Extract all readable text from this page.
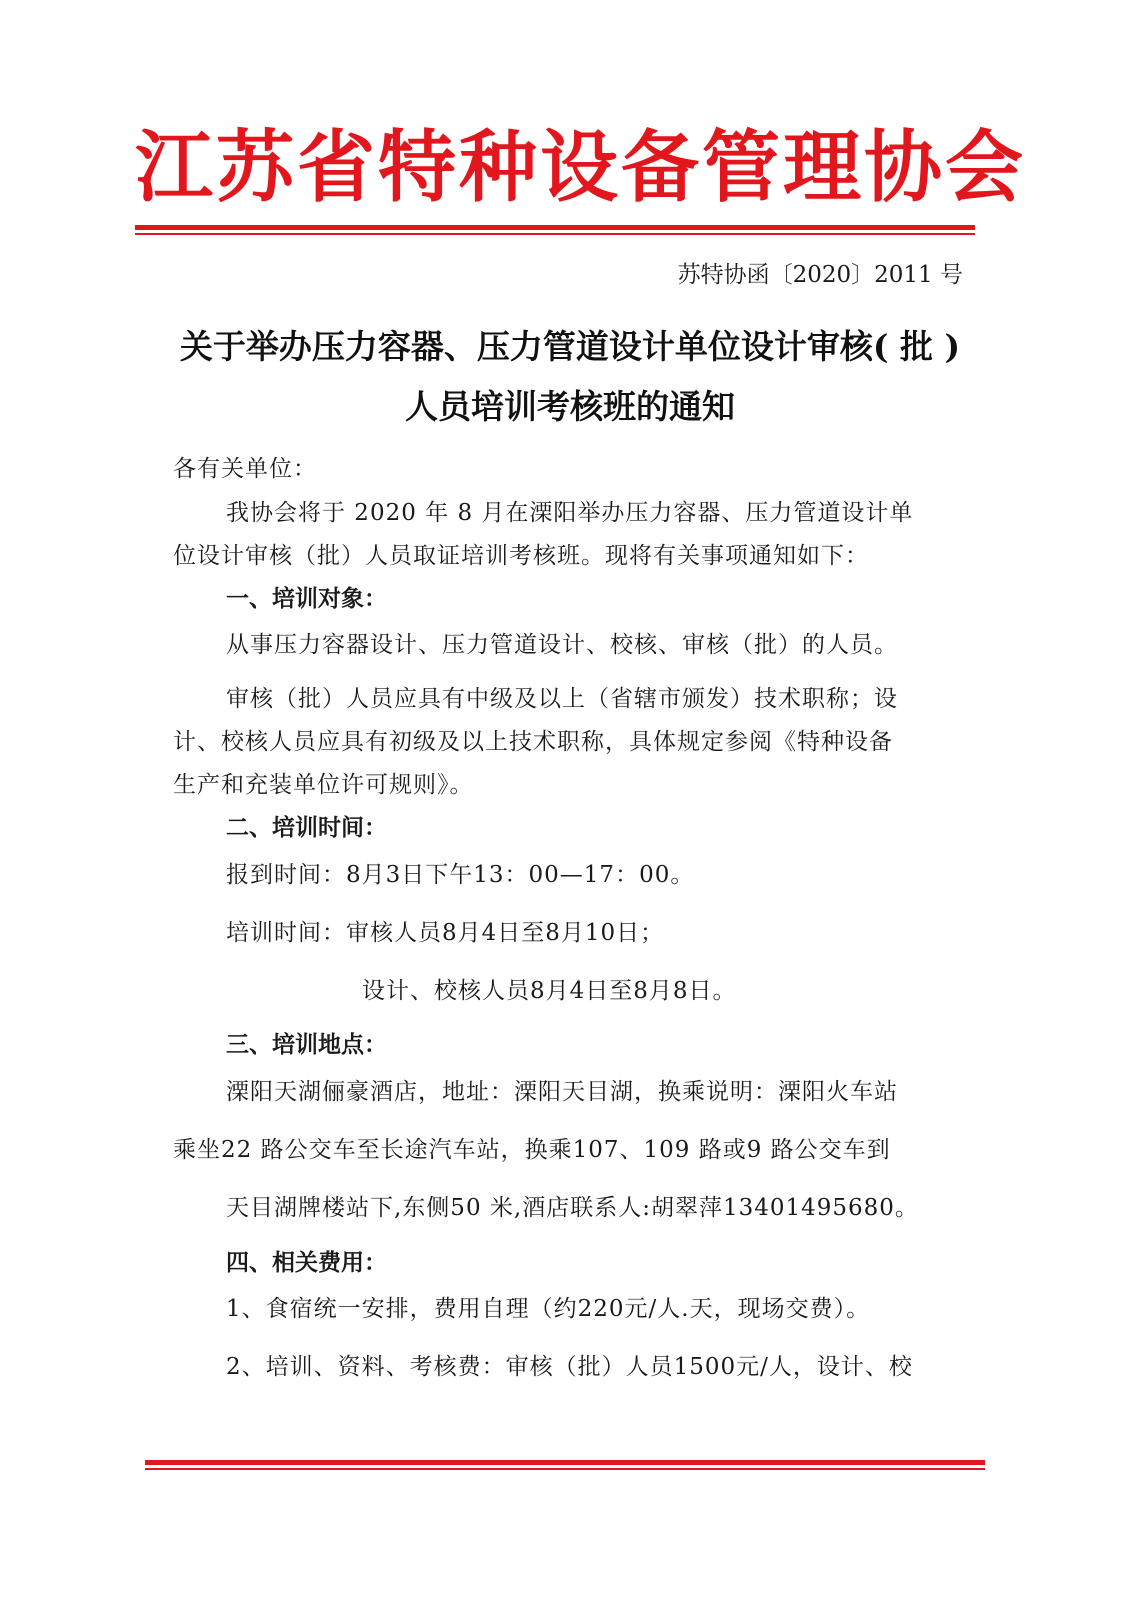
江苏省特种设备管理协会
苏特协函〔2020〕2011 号
关于举办压力容器、压力管道设计单位设计审核( 批 )
人员培训考核班的通知
各有关单位：
我协会将于 2020 年 8 月在溧阳举办压力容器、压力管道设计单
位设计审核（批）人员取证培训考核班。现将有关事项通知如下：
一、培训对象：
从事压力容器设计、压力管道设计、校核、审核（批）的人员。
审核（批）人员应具有中级及以上（省辖市颁发）技术职称；设
计、校核人员应具有初级及以上技术职称，具体规定参阅《特种设备
生产和充装单位许可规则》。
二、培训时间：
报到时间：8月3日下午13：00—17：00。
培训时间：审核人员8月4日至8月10日；
设计、校核人员8月4日至8月8日。
三、培训地点：
溧阳天湖俪豪酒店，地址：溧阳天目湖，换乘说明：溧阳火车站
乘坐22 路公交车至长途汽车站，换乘107、109 路或9 路公交车到
天目湖牌楼站下,东侧50 米,酒店联系人:胡翠萍13401495680。
四、相关费用：
1、食宿统一安排，费用自理（约220元/人.天，现场交费）。
2、培训、资料、考核费：审核（批）人员1500元/人，设计、校
